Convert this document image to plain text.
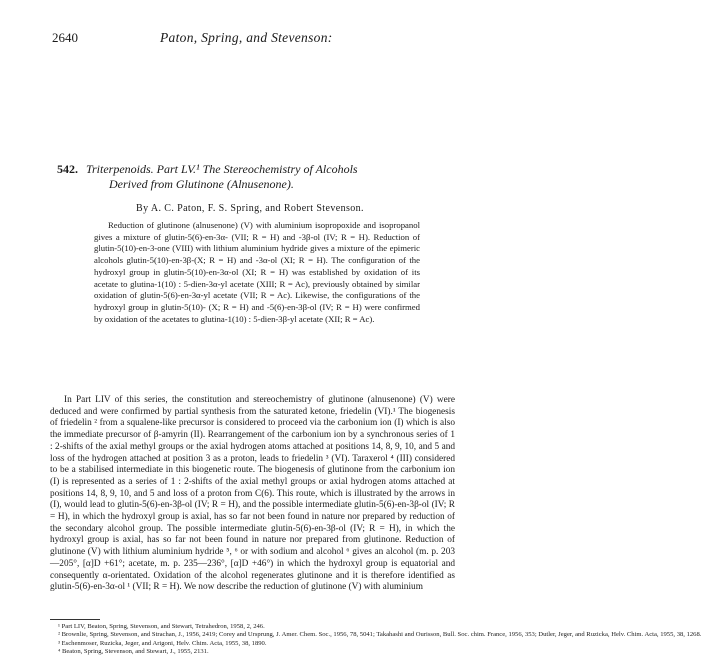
2640	Paton, Spring, and Stevenson:
542. Triterpenoids. Part LV.¹ The Stereochemistry of Alcohols
Derived from Glutinone (Alnusenone).
By A. C. Paton, F. S. Spring, and Robert Stevenson.

Reduction of glutinone (alnusenone) (V) with aluminium isopropoxide and isopropanol gives a mixture of glutin-5(6)-en-3α- (VII; R = H) and -3β-ol (IV; R = H). Reduction of glutin-5(10)-en-3-one (VIII) with lithium aluminium hydride gives a mixture of the epimeric alcohols glutin-5(10)-en-3β-(X; R = H) and -3α-ol (XI; R = H). The configuration of the hydroxyl group in glutin-5(10)-en-3α-ol (XI; R = H) was established by oxidation of its acetate to glutina-1(10) : 5-dien-3α-yl acetate (XIII; R = Ac), previously obtained by similar oxidation of glutin-5(6)-en-3α-yl acetate (VII; R = Ac). Likewise, the configurations of the hydroxyl group in glutin-5(10)- (X; R = H) and -5(6)-en-3β-ol (IV; R = H) were confirmed by oxidation of the acetates to glutina-1(10) : 5-dien-3β-yl acetate (XII; R = Ac).

In Part LIV of this series, the constitution and stereochemistry of glutinone (alnusenone) (V) were deduced and were confirmed by partial synthesis from the saturated ketone, friedelin (VI).¹ The biogenesis of friedelin ² from a squalene-like precursor is considered to proceed via the carbonium ion (I) which is also the immediate precursor of β-amyrin (II). Rearrangement of the carbonium ion by a synchronous series of 1 : 2-shifts of the axial methyl groups or the axial hydrogen atoms attached at positions 14, 8, 9, 10, and 5 and loss of the hydrogen attached at position 3 as a proton, leads to friedelin ³ (VI). Taraxerol ⁴ (III) considered to be a stabilised intermediate in this biogenetic route. The biogenesis of glutinone from the carbonium ion (I) is represented as a series of 1 : 2-shifts of the axial methyl groups or axial hydrogen atoms attached at positions 14, 8, 9, 10, and 5 and loss of a proton from C(6). This route, which is illustrated by the arrows in (I), would lead to glutin-5(6)-en-3β-ol (IV; R = H), and the possible intermediate glutin-5(6)-en-3β-ol (IV; R = H), in which the hydroxyl group is axial, has so far not been found in nature nor prepared by reduction of the secondary alcohol group. The possible intermediate glutin-5(6)-en-3β-ol (IV; R = H), in which the hydroxyl group is axial, has so far not been found in nature nor prepared from glutinone. Reduction of glutinone (V) with lithium aluminium hydride ⁵, ⁶ or with sodium and alcohol ⁶ gives an alcohol (m. p. 203—205°, [α]D +61°; acetate, m. p. 235—236°, [α]D +46°) in which the hydroxyl group is equatorial and consequently α-orientated. Oxidation of the alcohol regenerates glutinone and it is therefore identified as glutin-5(6)-en-3α-ol ¹ (VII; R = H). We now describe the reduction of glutinone (V) with aluminium

¹ Part LIV, Beaton, Spring, Stevenson, and Stewart, Tetrahedron, 1958, 2, 246.
² Brownlie, Spring, Stevenson, and Strachan, J., 1956, 2419; Corey and Ursprung, J. Amer. Chem. Soc., 1956, 78, 5041; Takahashi and Ourisson, Bull. Soc. chim. France, 1956, 353; Dutler, Jeger, and Ruzicka, Helv. Chim. Acta, 1955, 38, 1268.
³ Eschenmoser, Ruzicka, Jeger, and Arigoni, Helv. Chim. Acta, 1955, 38, 1890.
⁴ Beaton, Spring, Stevenson, and Stewart, J., 1955, 2131.
